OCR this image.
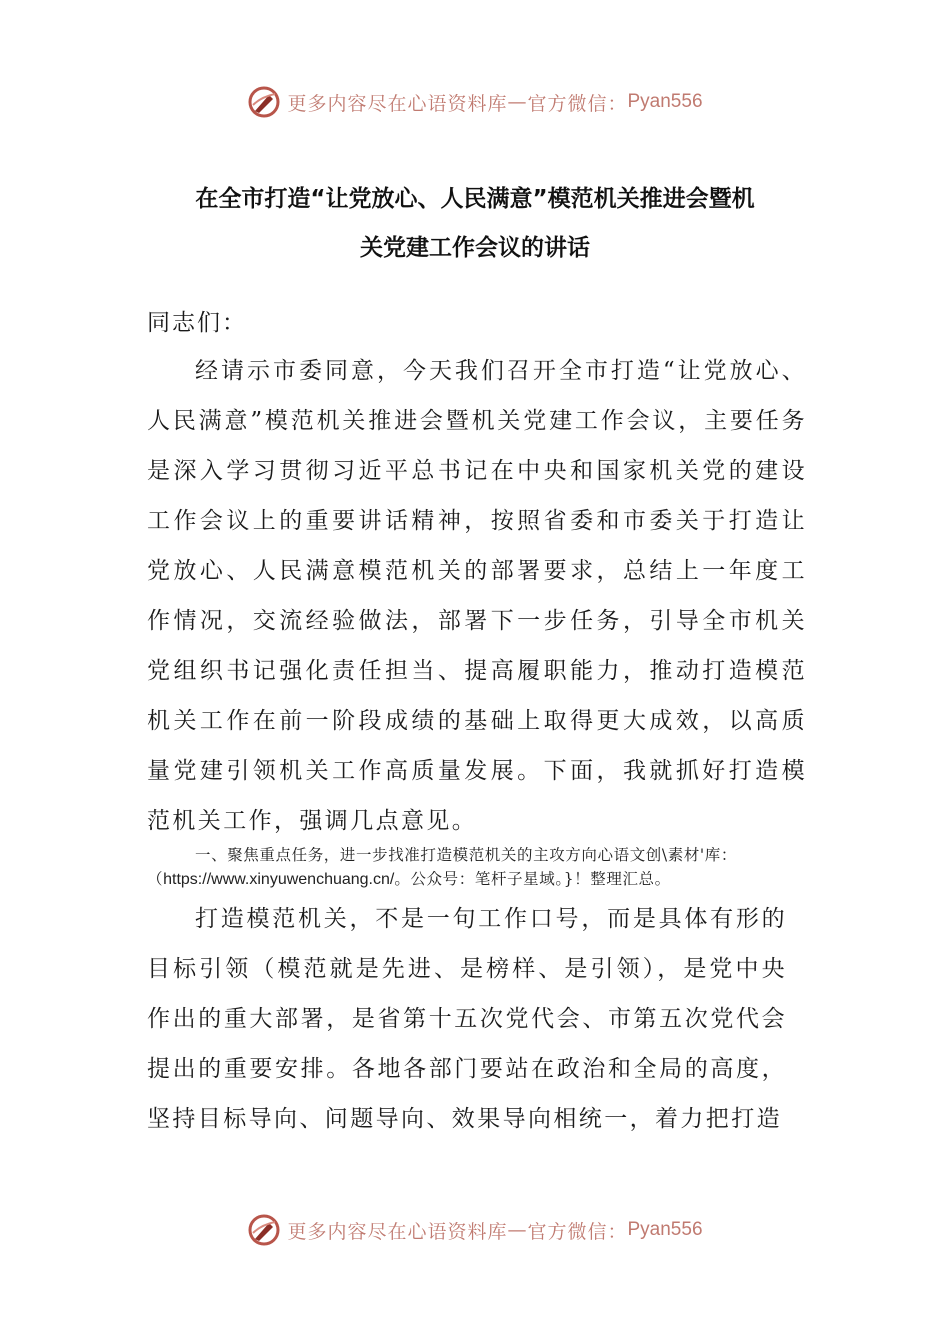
更多内容尽在心语资料库 — 官方微信： Pyan556
在全市打造“让党放心、人民满意”模范机关推进会暨机
关党建工作会议的讲话
同志们：

经请示市委同意，今天我们召开全市打造“让党放心、人民满意”模范机关推进会暨机关党建工作会议，主要任务是深入学习贯彻习近平总书记在中央和国家机关党的建设工作会议上的重要讲话精神，按照省委和市委关于打造让党放心、人民满意模范机关的部署要求，总结上一年度工作情况，交流经验做法，部署下一步任务，引导全市机关党组织书记强化责任担当、提高履职能力，推动打造模范机关工作在前一阶段成绩的基础上取得更大成效，以高质量党建引领机关工作高质量发展。下面，我就抓好打造模范机关工作，强调几点意见。

一、聚焦重点任务，进一步找准打造模范机关的主攻方向心语文创\素材'库：（https://www.xinyuwenchuang.cn/。公众号：笔杆子星域。}！整理汇总。

打造模范机关，不是一句工作口号，而是具体有形的目标引领（模范就是先进、是榜样、是引领），是党中央作出的重大部署，是省第十五次党代会、市第五次党代会提出的重要安排。各地各部门要站在政治和全局的高度，坚持目标导向、问题导向、效果导向相统一，着力把打造

更多内容尽在心语资料库 — 官方微信： Pyan556
